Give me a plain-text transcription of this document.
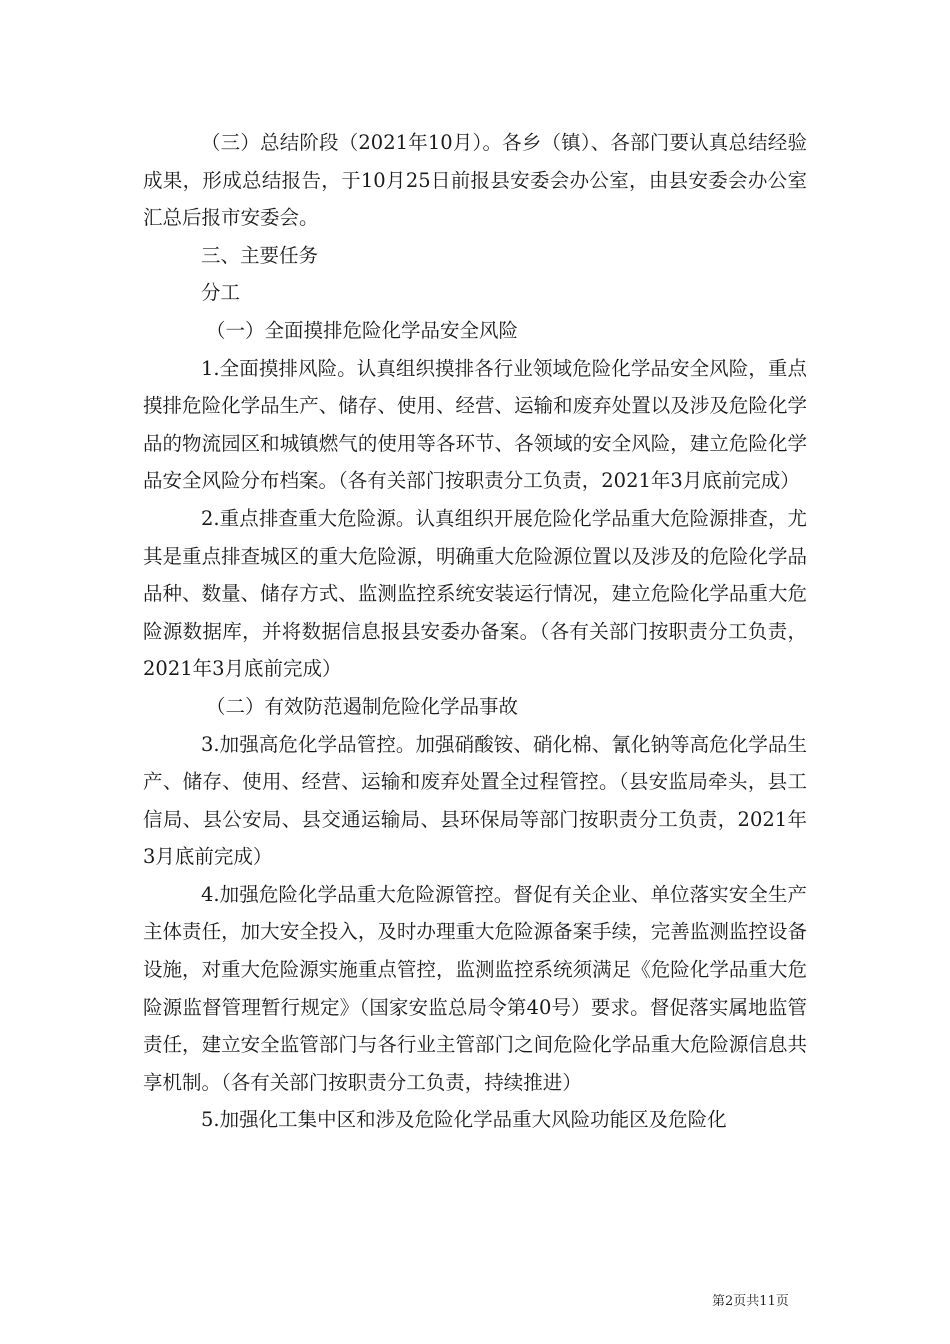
（三）总结阶段（2021年10月）。各乡（镇）、各部门要认真总结经验成果，形成总结报告，于10月25日前报县安委会办公室，由县安委会办公室汇总后报市安委会。

三、主要任务

分工

（一）全面摸排危险化学品安全风险

1.全面摸排风险。认真组织摸排各行业领域危险化学品安全风险，重点摸排危险化学品生产、储存、使用、经营、运输和废弃处置以及涉及危险化学品的物流园区和城镇燃气的使用等各环节、各领域的安全风险，建立危险化学品安全风险分布档案。（各有关部门按职责分工负责，2021年3月底前完成）

2.重点排查重大危险源。认真组织开展危险化学品重大危险源排查，尤其是重点排查城区的重大危险源，明确重大危险源位置以及涉及的危险化学品品种、数量、储存方式、监测监控系统安装运行情况，建立危险化学品重大危险源数据库，并将数据信息报县安委办备案。（各有关部门按职责分工负责，2021年3月底前完成）

（二）有效防范遏制危险化学品事故

3.加强高危化学品管控。加强硝酸铵、硝化棉、氰化钠等高危化学品生产、储存、使用、经营、运输和废弃处置全过程管控。（县安监局牵头，县工信局、县公安局、县交通运输局、县环保局等部门按职责分工负责，2021年3月底前完成）

4.加强危险化学品重大危险源管控。督促有关企业、单位落实安全生产主体责任，加大安全投入，及时办理重大危险源备案手续，完善监测监控设备设施，对重大危险源实施重点管控，监测监控系统须满足《危险化学品重大危险源监督管理暂行规定》（国家安监总局令第40号）要求。督促落实属地监管责任，建立安全监管部门与各行业主管部门之间危险化学品重大危险源信息共享机制。（各有关部门按职责分工负责，持续推进）

5.加强化工集中区和涉及危险化学品重大风险功能区及危险化

第2页共11页
